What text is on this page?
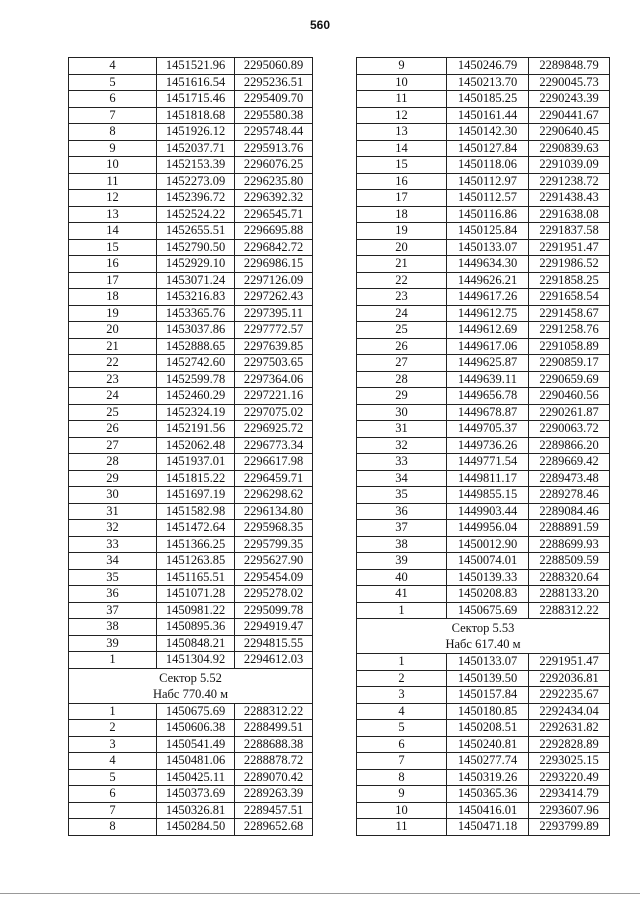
560
4	1451521.96	2295060.89
5	1451616.54	2295236.51
6	1451715.46	2295409.70
7	1451818.68	2295580.38
8	1451926.12	2295748.44
9	1452037.71	2295913.76
10	1452153.39	2296076.25
11	1452273.09	2296235.80
12	1452396.72	2296392.32
13	1452524.22	2296545.71
14	1452655.51	2296695.88
15	1452790.50	2296842.72
16	1452929.10	2296986.15
17	1453071.24	2297126.09
18	1453216.83	2297262.43
19	1453365.76	2297395.11
20	1453037.86	2297772.57
21	1452888.65	2297639.85
22	1452742.60	2297503.65
23	1452599.78	2297364.06
24	1452460.29	2297221.16
25	1452324.19	2297075.02
26	1452191.56	2296925.72
27	1452062.48	2296773.34
28	1451937.01	2296617.98
29	1451815.22	2296459.71
30	1451697.19	2296298.62
31	1451582.98	2296134.80
32	1451472.64	2295968.35
33	1451366.25	2295799.35
34	1451263.85	2295627.90
35	1451165.51	2295454.09
36	1451071.28	2295278.02
37	1450981.22	2295099.78
38	1450895.36	2294919.47
39	1450848.21	2294815.55
1	1451304.92	2294612.03

Сектор 5.52
Набс 770.40 м		

1	1450675.69	2288312.22
2	1450606.38	2288499.51
3	1450541.49	2288688.38
4	1450481.06	2288878.72
5	1450425.11	2289070.42
6	1450373.69	2289263.39
7	1450326.81	2289457.51
8	1450284.50	2289652.68
9	1450246.79	2289848.79
10	1450213.70	2290045.73
11	1450185.25	2290243.39
12	1450161.44	2290441.67
13	1450142.30	2290640.45
14	1450127.84	2290839.63
15	1450118.06	2291039.09
16	1450112.97	2291238.72
17	1450112.57	2291438.43
18	1450116.86	2291638.08
19	1450125.84	2291837.58
20	1450133.07	2291951.47
21	1449634.30	2291986.52
22	1449626.21	2291858.25
23	1449617.26	2291658.54
24	1449612.75	2291458.67
25	1449612.69	2291258.76
26	1449617.06	2291058.89
27	1449625.87	2290859.17
28	1449639.11	2290659.69
29	1449656.78	2290460.56
30	1449678.87	2290261.87
31	1449705.37	2290063.72
32	1449736.26	2289866.20
33	1449771.54	2289669.42
34	1449811.17	2289473.48
35	1449855.15	2289278.46
36	1449903.44	2289084.46
37	1449956.04	2288891.59
38	1450012.90	2288699.93
39	1450074.01	2288509.59
40	1450139.33	2288320.64
41	1450208.83	2288133.20
1	1450675.69	2288312.22

Сектор 5.53
Набс 617.40 м		

1	1450133.07	2291951.47
2	1450139.50	2292036.81
3	1450157.84	2292235.67
4	1450180.85	2292434.04
5	1450208.51	2292631.82
6	1450240.81	2292828.89
7	1450277.74	2293025.15
8	1450319.26	2293220.49
9	1450365.36	2293414.79
10	1450416.01	2293607.96
11	1450471.18	2293799.89
